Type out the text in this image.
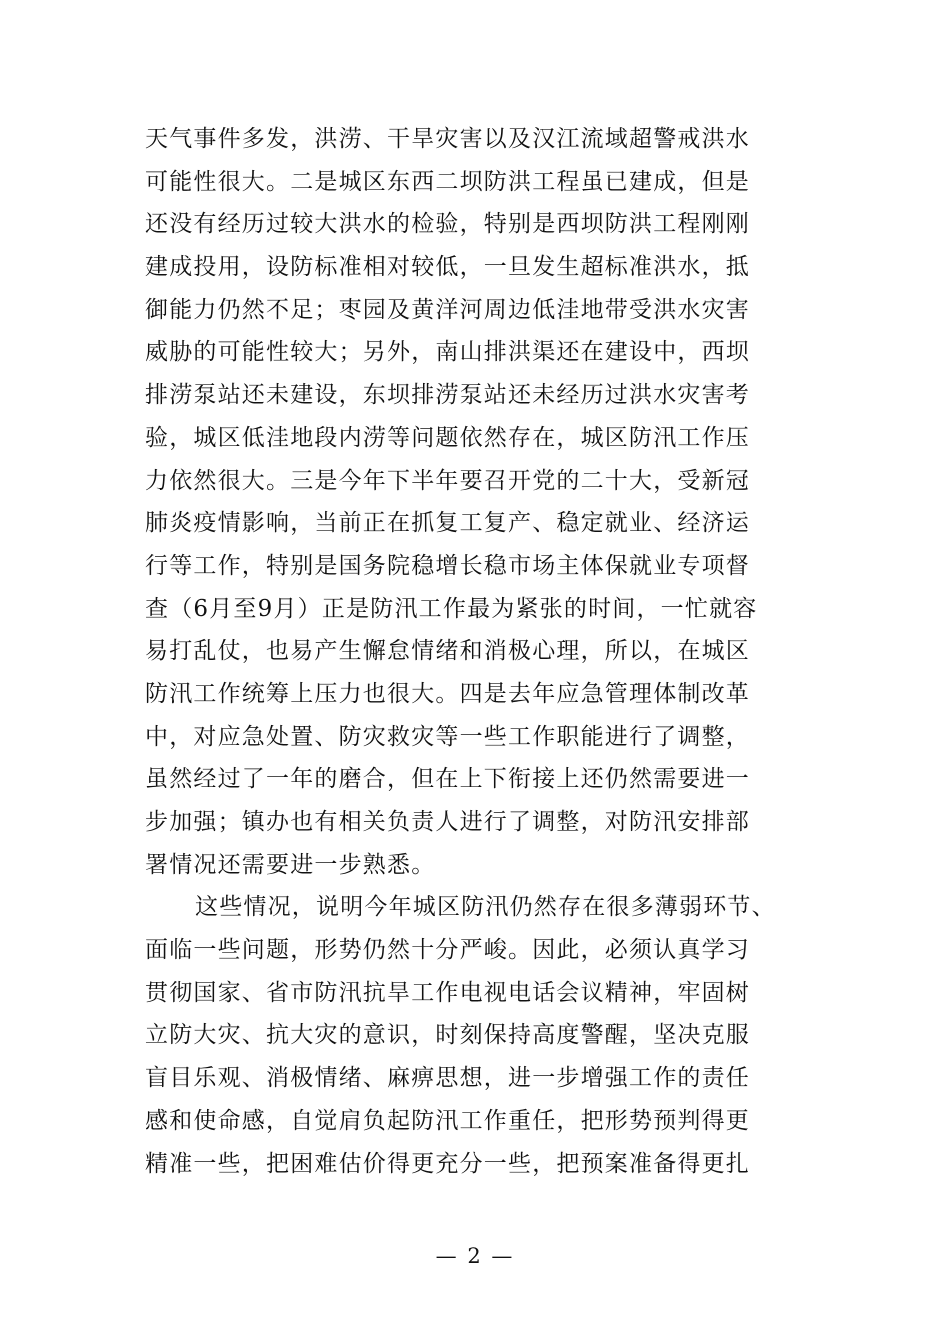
天气事件多发，洪涝、干旱灾害以及汉江流域超警戒洪水
可能性很大。二是城区东西二坝防洪工程虽已建成，但是
还没有经历过较大洪水的检验，特别是西坝防洪工程刚刚
建成投用，设防标准相对较低，一旦发生超标准洪水，抵
御能力仍然不足；枣园及黄洋河周边低洼地带受洪水灾害
威胁的可能性较大；另外，南山排洪渠还在建设中，西坝
排涝泵站还未建设，东坝排涝泵站还未经历过洪水灾害考
验，城区低洼地段内涝等问题依然存在，城区防汛工作压
力依然很大。三是今年下半年要召开党的二十大，受新冠
肺炎疫情影响，当前正在抓复工复产、稳定就业、经济运
行等工作，特别是国务院稳增长稳市场主体保就业专项督
查（6月至9月）正是防汛工作最为紧张的时间，一忙就容
易打乱仗，也易产生懈怠情绪和消极心理，所以，在城区
防汛工作统筹上压力也很大。四是去年应急管理体制改革
中，对应急处置、防灾救灾等一些工作职能进行了调整，
虽然经过了一年的磨合，但在上下衔接上还仍然需要进一
步加强；镇办也有相关负责人进行了调整，对防汛安排部
署情况还需要进一步熟悉。
这些情况，说明今年城区防汛仍然存在很多薄弱环节、
面临一些问题，形势仍然十分严峻。因此，必须认真学习
贯彻国家、省市防汛抗旱工作电视电话会议精神，牢固树
立防大灾、抗大灾的意识，时刻保持高度警醒，坚决克服
盲目乐观、消极情绪、麻痹思想，进一步增强工作的责任
感和使命感，自觉肩负起防汛工作重任，把形势预判得更
精准一些，把困难估价得更充分一些，把预案准备得更扎
— 2 —
